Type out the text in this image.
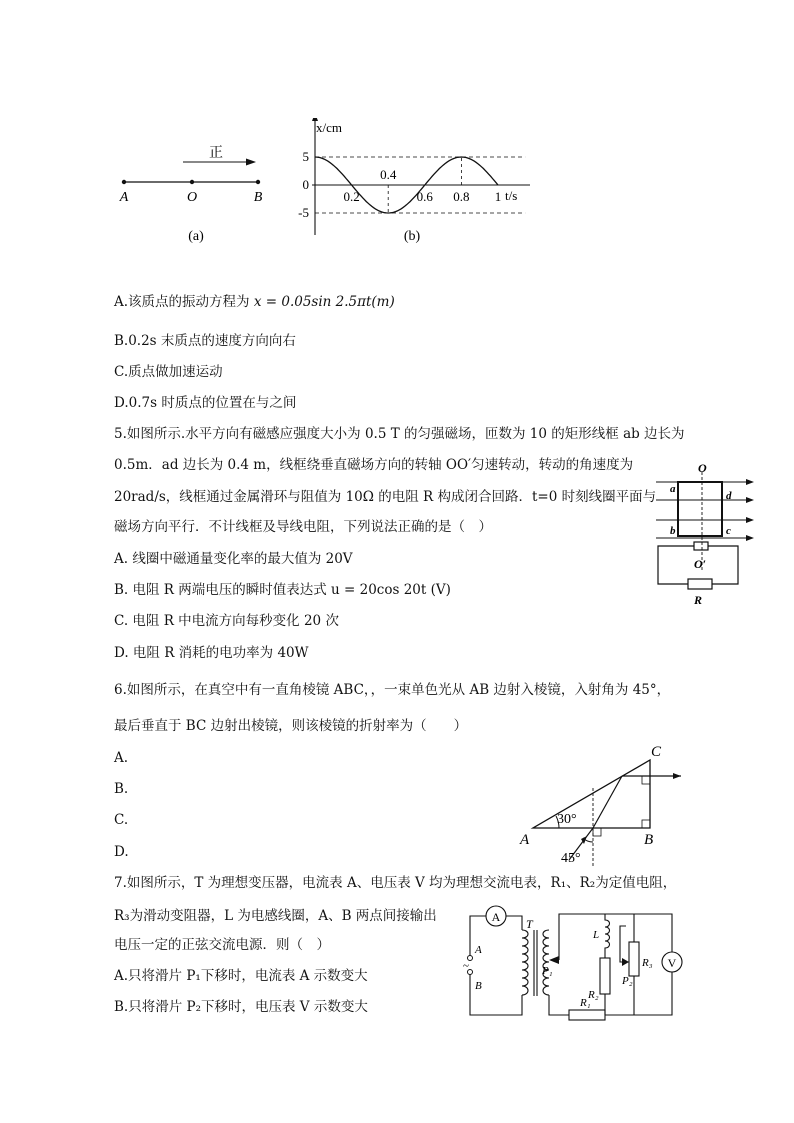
正
A	O	B
(a)
5
0
-5
0.2	0.6 0.8 1
0.4
x/cm
t/s
(b)
A.该质点的振动方程为 x = 0.05sin 2.5πt(m)
B.0.2s 末质点的速度方向向右
C.质点做加速运动
D.0.7s 时质点的位置在与之间
5.如图所示.水平方向有磁感应强度大小为 0.5 T 的匀强磁场，匝数为 10 的矩形线框 ab 边长为
0.5m．ad 边长为 0.4 m，线框绕垂直磁场方向的转轴 OO′匀速转动，转动的角速度为
20rad/s，线框通过金属滑环与阻值为 10Ω 的电阻 R 构成闭合回路．t=0 时刻线圈平面与
磁场方向平行．不计线框及导线电阻，下列说法正确的是（　）
A. 线圈中磁通量变化率的最大值为 20V
B. 电阻 R 两端电压的瞬时值表达式 u = 20cos 20t (V)
C. 电阻 R 中电流方向每秒变化 20 次
D. 电阻 R 消耗的电功率为 40W
O
a
d
b	c
O′
R
6.如图所示，在真空中有一直角棱镜 ABC，，一束单色光从 AB 边射入棱镜，入射角为 45°，
最后垂直于 BC 边射出棱镜，则该棱镜的折射率为（　　）
A.
B.
C.
D.
A	B
C
30°
45°
7.如图所示，T 为理想变压器，电流表 A、电压表 V 均为理想交流电表，R₁、R₂为定值电阻，
R₃为滑动变阻器，L 为电感线圈，A、B 两点间接输出
电压一定的正弦交流电源．则（　）
A.只将滑片 P₁下移时，电流表 A 示数变大
B.只将滑片 P₂下移时，电压表 V 示数变大
~
A
V
T
A
B
P₁
P₂
L
R₁
R₂
R₃
